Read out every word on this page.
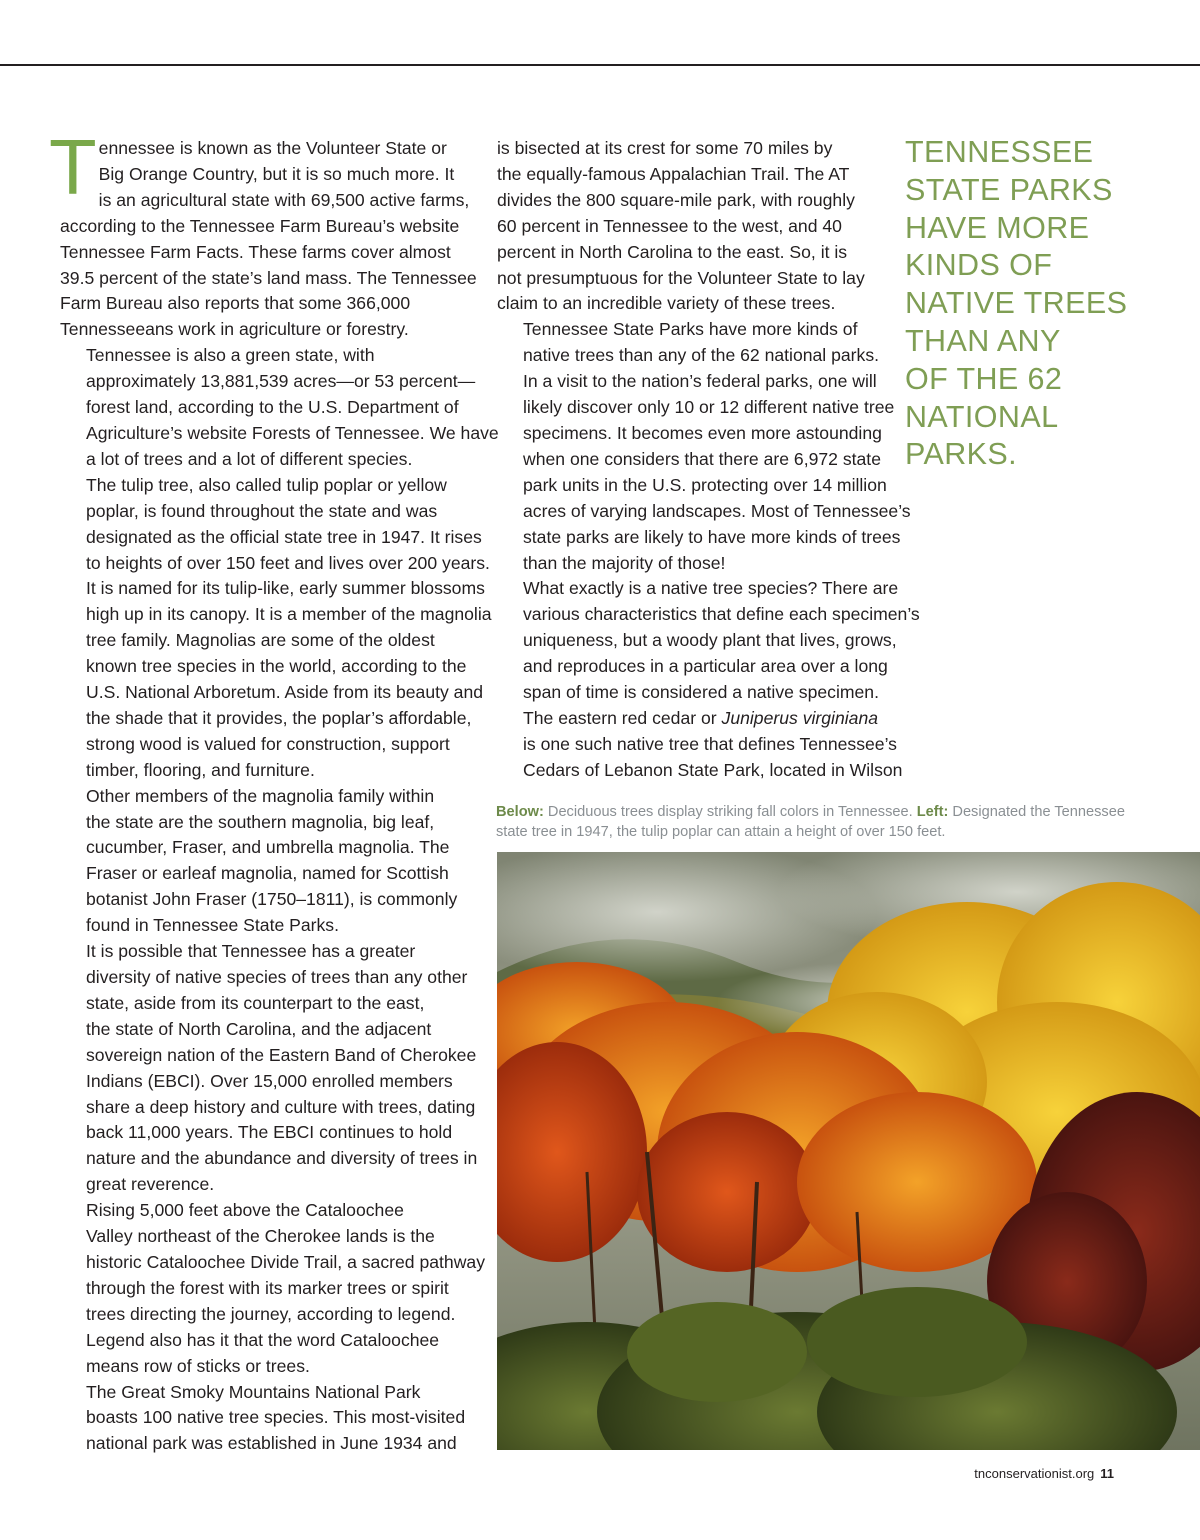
T ennessee is known as the Volunteer State or
Big Orange Country, but it is so much more. It
is an agricultural state with 69,500 active farms,
according to the Tennessee Farm Bureau’s website
Tennessee Farm Facts. These farms cover almost
39.5 percent of the state’s land mass. The Tennessee
Farm Bureau also reports that some 366,000
Tennesseeans work in agriculture or forestry.

Tennessee is also a green state, with
approximately 13,881,539 acres—or 53 percent—
forest land, according to the U.S. Department of
Agriculture’s website Forests of Tennessee. We have
a lot of trees and a lot of different species.

The tulip tree, also called tulip poplar or yellow
poplar, is found throughout the state and was
designated as the official state tree in 1947. It rises
to heights of over 150 feet and lives over 200 years.
It is named for its tulip-like, early summer blossoms
high up in its canopy. It is a member of the magnolia
tree family. Magnolias are some of the oldest
known tree species in the world, according to the
U.S. National Arboretum. Aside from its beauty and
the shade that it provides, the poplar’s affordable,
strong wood is valued for construction, support
timber, flooring, and furniture.

Other members of the magnolia family within
the state are the southern magnolia, big leaf,
cucumber, Fraser, and umbrella magnolia. The
Fraser or earleaf magnolia, named for Scottish
botanist John Fraser (1750–1811), is commonly
found in Tennessee State Parks.

It is possible that Tennessee has a greater
diversity of native species of trees than any other
state, aside from its counterpart to the east,
the state of North Carolina, and the adjacent
sovereign nation of the Eastern Band of Cherokee
Indians (EBCI). Over 15,000 enrolled members
share a deep history and culture with trees, dating
back 11,000 years. The EBCI continues to hold
nature and the abundance and diversity of trees in
great reverence.

Rising 5,000 feet above the Cataloochee
Valley northeast of the Cherokee lands is the
historic Cataloochee Divide Trail, a sacred pathway
through the forest with its marker trees or spirit
trees directing the journey, according to legend.
Legend also has it that the word Cataloochee
means row of sticks or trees.

The Great Smoky Mountains National Park
boasts 100 native tree species. This most-visited
national park was established in June 1934 and

is bisected at its crest for some 70 miles by
the equally-famous Appalachian Trail. The AT
divides the 800 square-mile park, with roughly
60 percent in Tennessee to the west, and 40
percent in North Carolina to the east. So, it is
not presumptuous for the Volunteer State to lay
claim to an incredible variety of these trees.

Tennessee State Parks have more kinds of
native trees than any of the 62 national parks.
In a visit to the nation’s federal parks, one will
likely discover only 10 or 12 different native tree
specimens. It becomes even more astounding
when one considers that there are 6,972 state
park units in the U.S. protecting over 14 million
acres of varying landscapes. Most of Tennessee’s
state parks are likely to have more kinds of trees
than the majority of those!

What exactly is a native tree species? There are
various characteristics that define each specimen’s
uniqueness, but a woody plant that lives, grows,
and reproduces in a particular area over a long
span of time is considered a native specimen.

The eastern red cedar or Juniperus virginiana
is one such native tree that defines Tennessee’s
Cedars of Lebanon State Park, located in Wilson

TENNESSEE
STATE PARKS
HAVE MORE
KINDS OF
NATIVE TREES
THAN ANY
OF THE 62
NATIONAL
PARKS.
Below: Deciduous trees display striking fall colors in Tennessee. Left: Designated the Tennessee
state tree in 1947, the tulip poplar can attain a height of over 150 feet.
tnconservationist.org 11
